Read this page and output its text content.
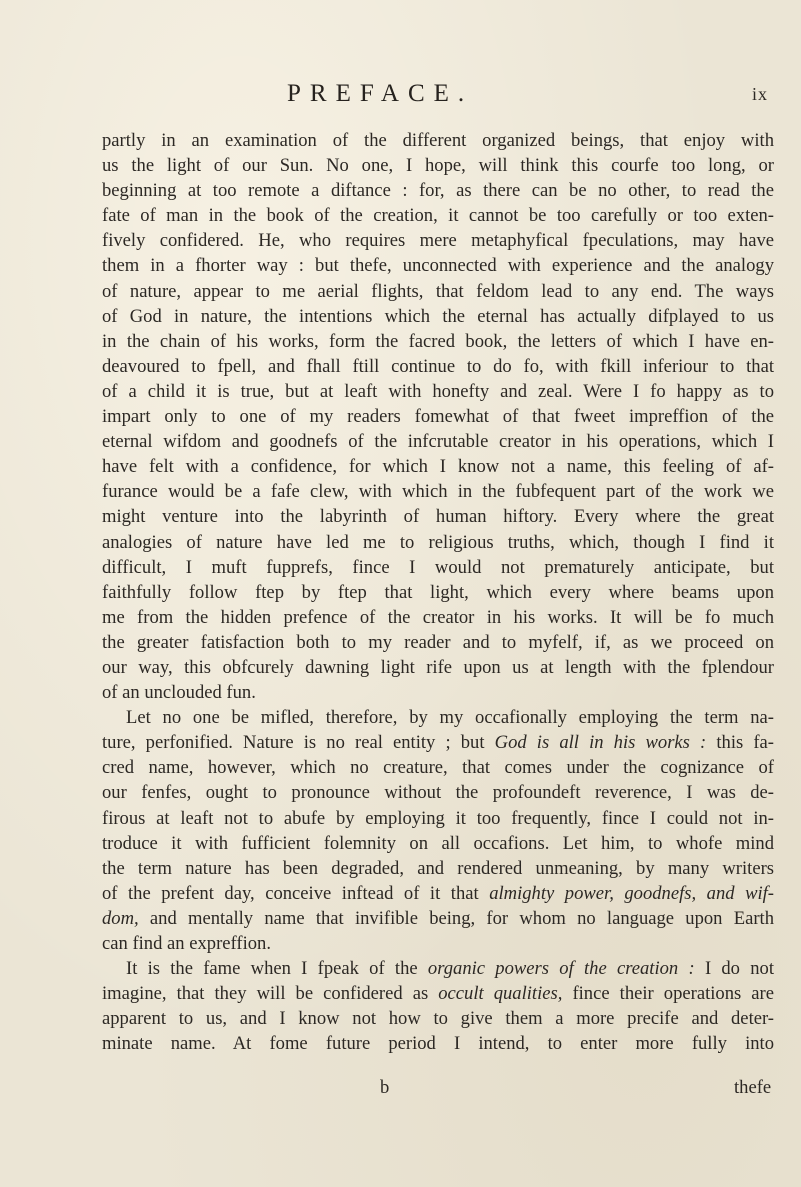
PREFACE.	ix
partly in an examination of the different organized beings, that enjoy with
us the light of our Sun. No one, I hope, will think this courfe too long, or
beginning at too remote a diftance : for, as there can be no other, to read the
fate of man in the book of the creation, it cannot be too carefully or too exten-
fively confidered. He, who requires mere metaphyfical fpeculations, may have
them in a fhorter way : but thefe, unconnected with experience and the analogy
of nature, appear to me aerial flights, that feldom lead to any end. The ways
of God in nature, the intentions which the eternal has actually difplayed to us
in the chain of his works, form the facred book, the letters of which I have en-
deavoured to fpell, and fhall ftill continue to do fo, with fkill inferiour to that
of a child it is true, but at leaft with honefty and zeal. Were I fo happy as to
impart only to one of my readers fomewhat of that fweet impreffion of the
eternal wifdom and goodnefs of the infcrutable creator in his operations, which I
have felt with a confidence, for which I know not a name, this feeling of af-
furance would be a fafe clew, with which in the fubfequent part of the work we
might venture into the labyrinth of human hiftory. Every where the great
analogies of nature have led me to religious truths, which, though I find it
difficult, I muft fupprefs, fince I would not prematurely anticipate, but
faithfully follow ftep by ftep that light, which every where beams upon
me from the hidden prefence of the creator in his works. It will be fo much
the greater fatisfaction both to my reader and to myfelf, if, as we proceed on
our way, this obfcurely dawning light rife upon us at length with the fplendour
of an unclouded fun.
Let no one be mifled, therefore, by my occafionally employing the term na-
ture, perfonified. Nature is no real entity ; but God is all in his works : this fa-
cred name, however, which no creature, that comes under the cognizance of
our fenfes, ought to pronounce without the profoundeft reverence, I was de-
firous at leaft not to abufe by employing it too frequently, fince I could not in-
troduce it with fufficient folemnity on all occafions. Let him, to whofe mind
the term nature has been degraded, and rendered unmeaning, by many writers
of the prefent day, conceive inftead of it that almighty power, goodnefs, and wif-
dom, and mentally name that invifible being, for whom no language upon Earth
can find an expreffion.
It is the fame when I fpeak of the organic powers of the creation : I do not
imagine, that they will be confidered as occult qualities, fince their operations are
apparent to us, and I know not how to give them a more precife and deter-
minate name. At fome future period I intend, to enter more fully into
b	thefe
